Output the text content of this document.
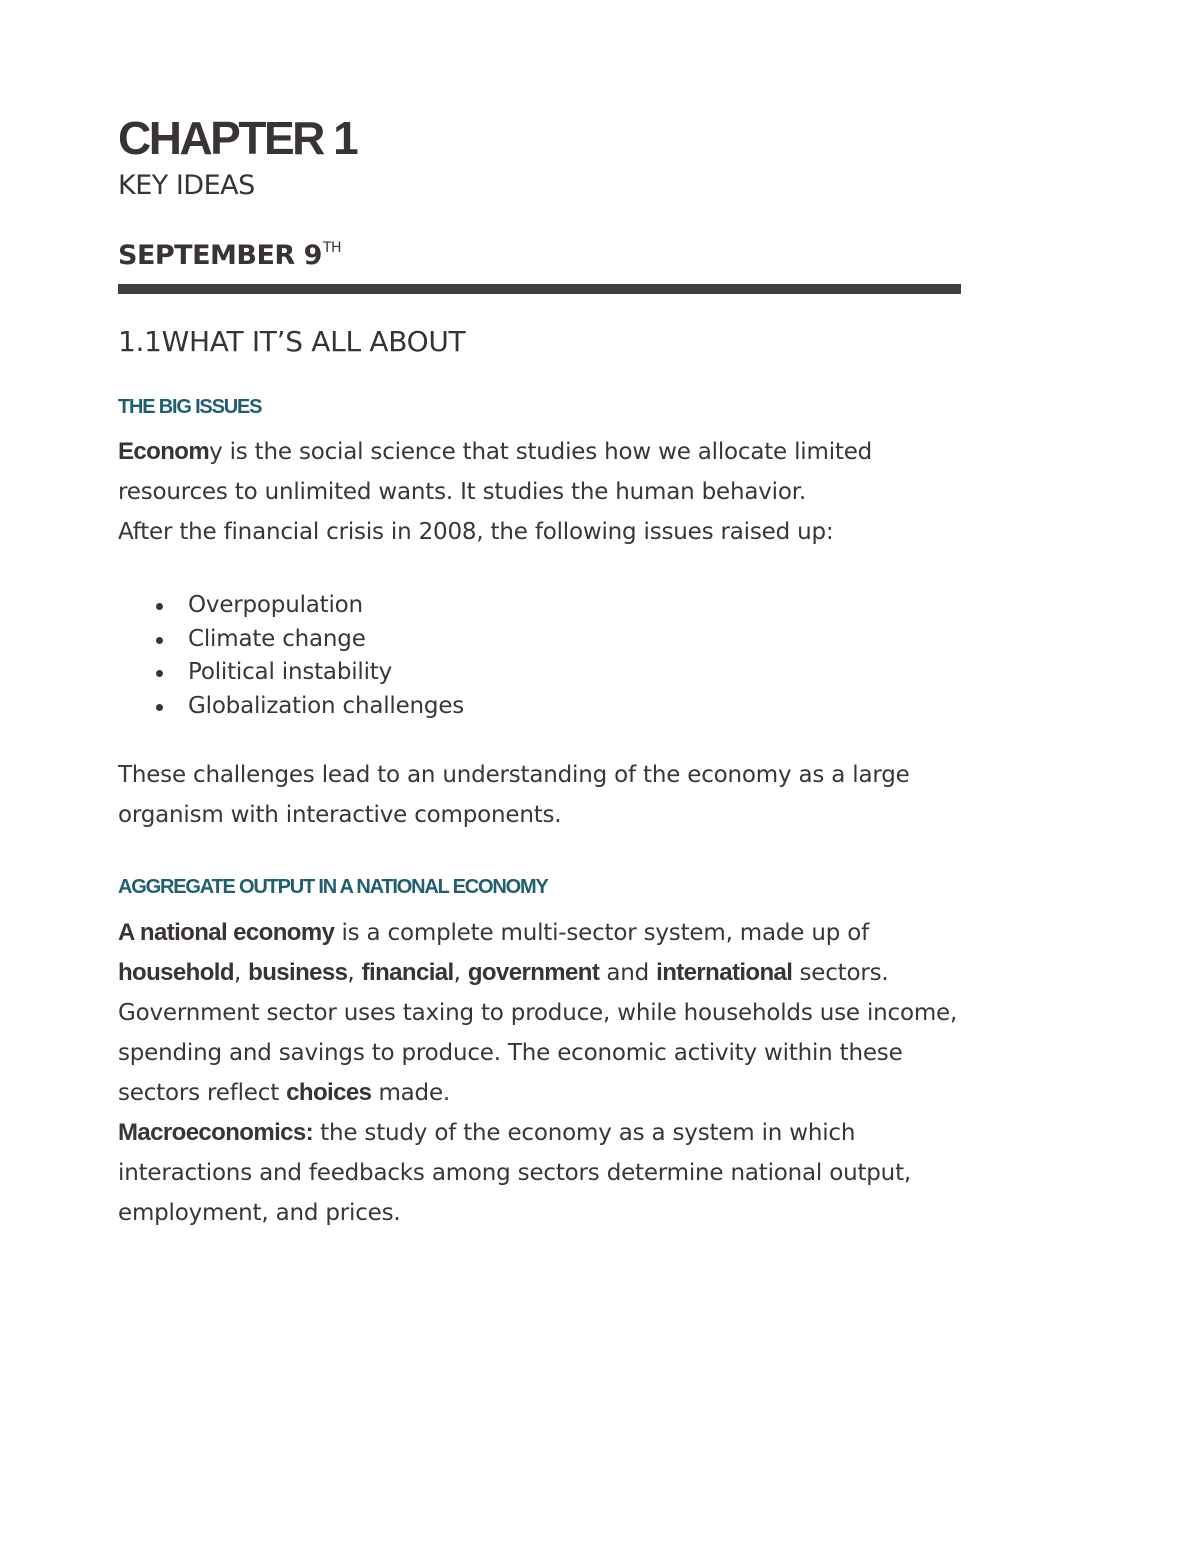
CHAPTER 1

KEY IDEAS

SEPTEMBER 9TH

1.1WHAT IT’S ALL ABOUT
THE BIG ISSUES

Economy is the social science that studies how we allocate limited resources to unlimited wants. It studies the human behavior.
After the financial crisis in 2008, the following issues raised up:

Overpopulation
Climate change
Political instability
Globalization challenges

These challenges lead to an understanding of the economy as a large organism with interactive components.

AGGREGATE OUTPUT IN A NATIONAL ECONOMY

A national economy is a complete multi-sector system, made up of household, business, financial, government and international sectors. Government sector uses taxing to produce, while households use income, spending and savings to produce. The economic activity within these sectors reflect choices made.
Macroeconomics: the study of the economy as a system in which interactions and feedbacks among sectors determine national output, employment, and prices.
